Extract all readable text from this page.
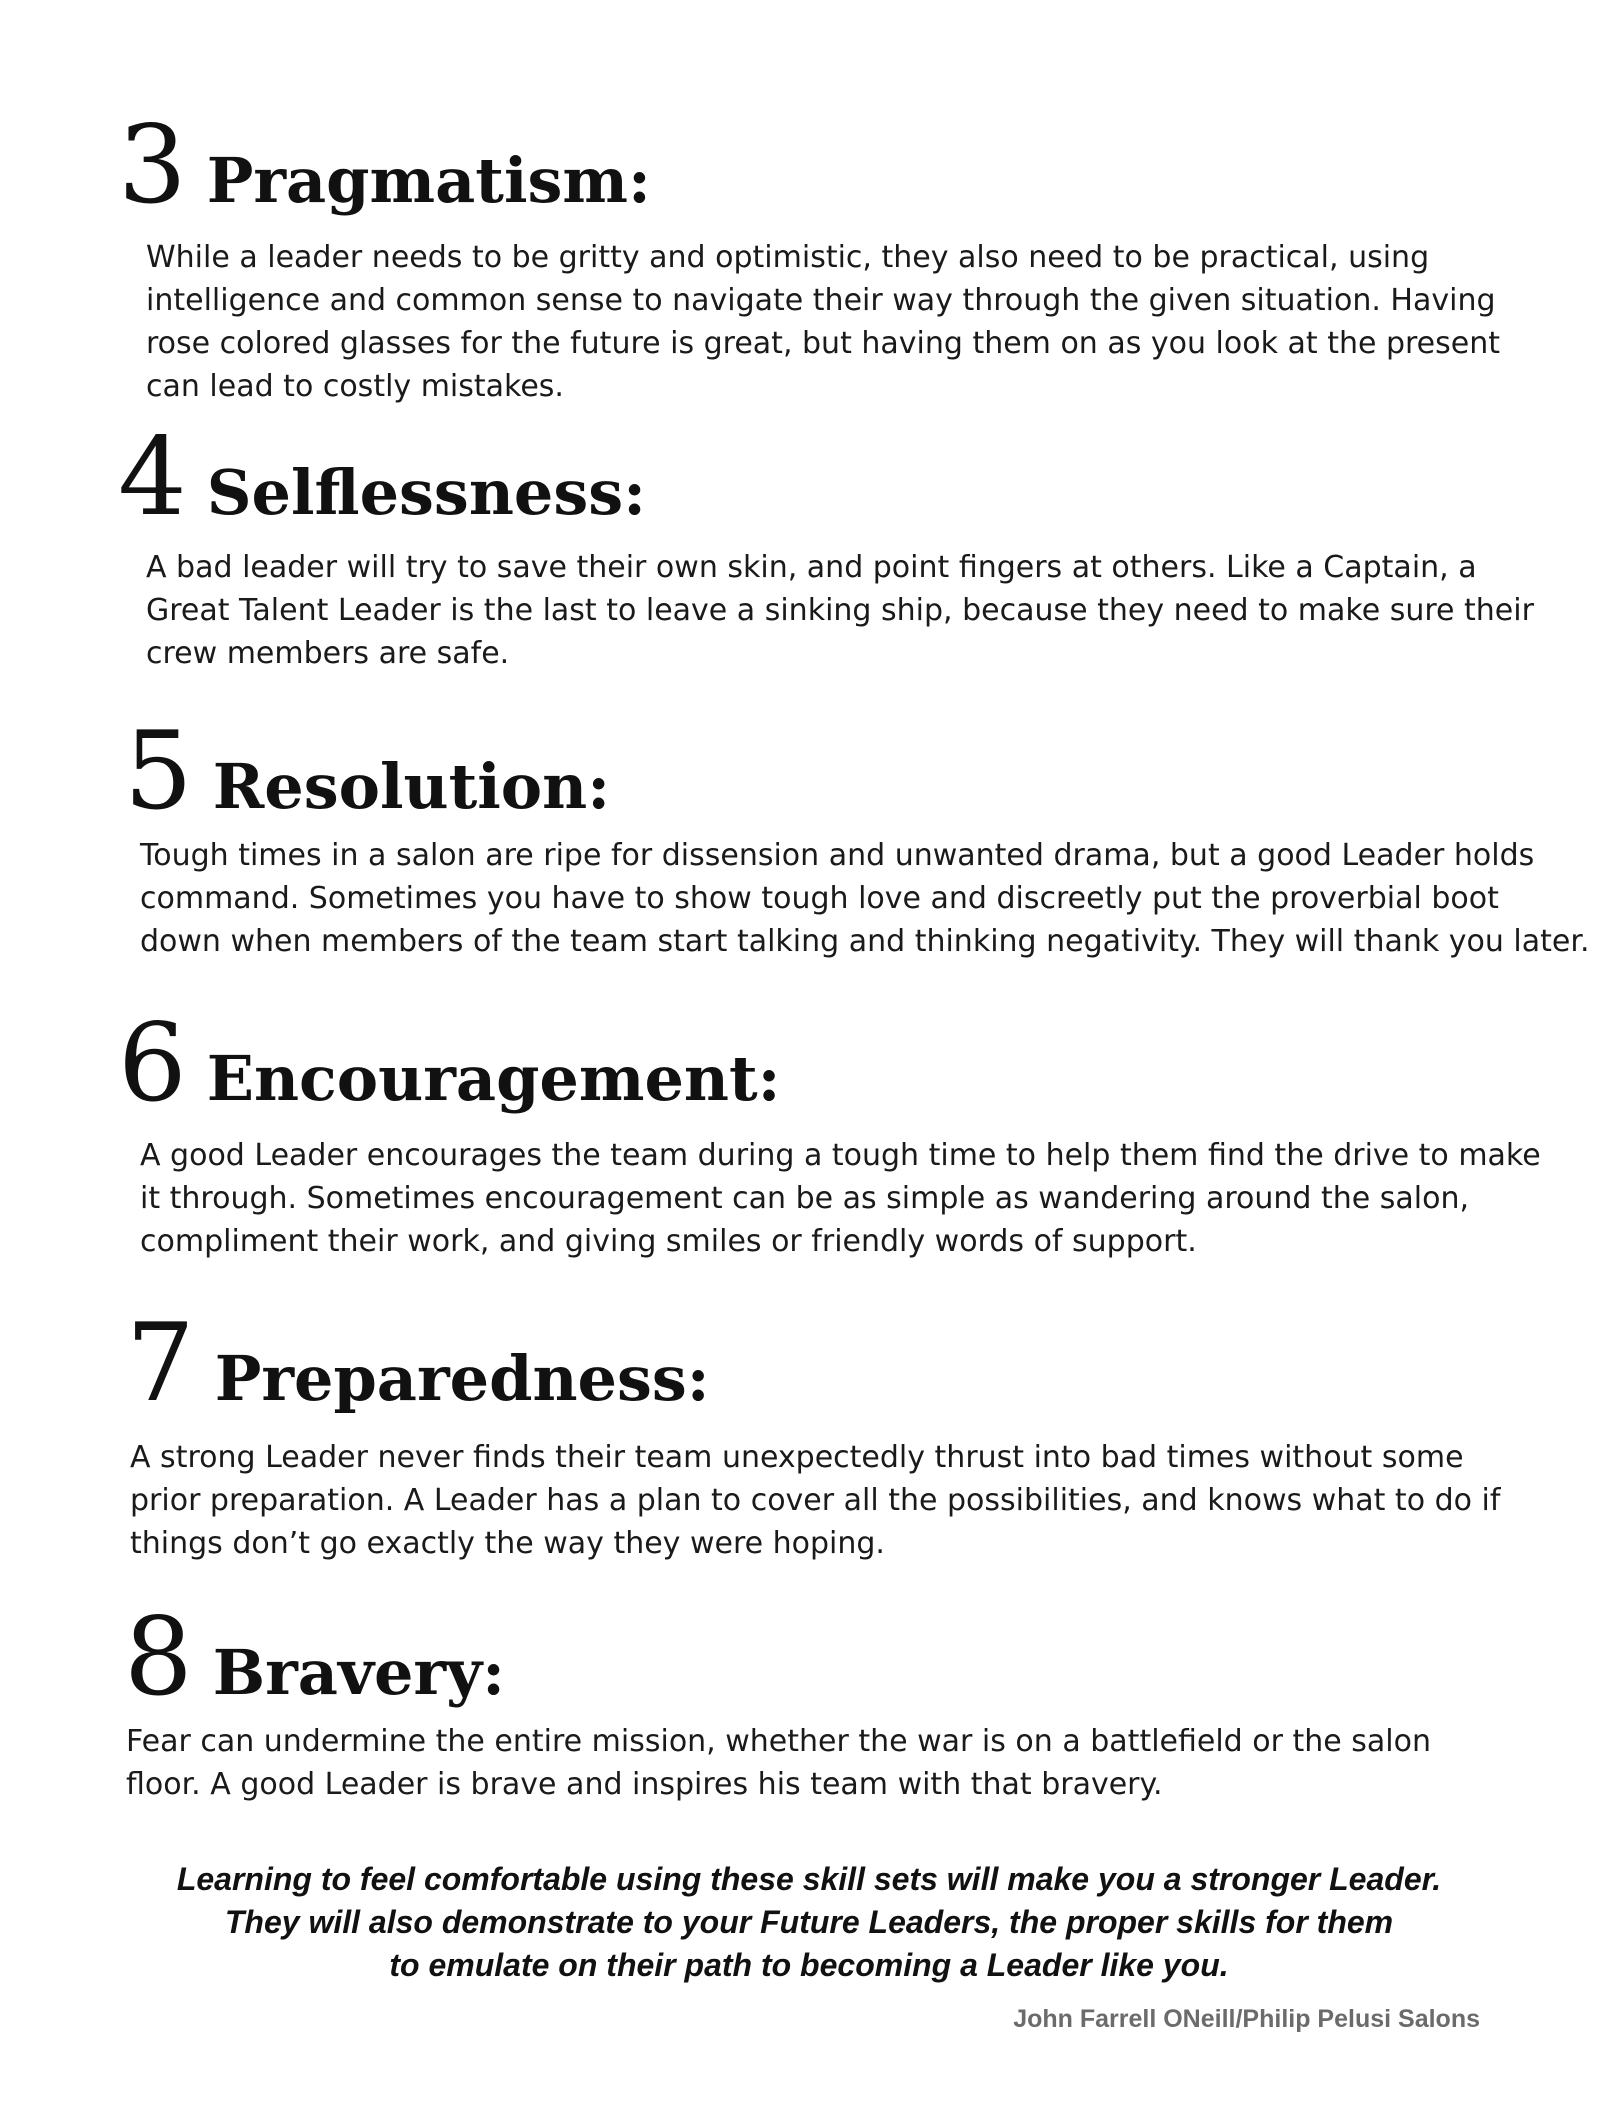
3 Pragmatism:
While a leader needs to be gritty and optimistic, they also need to be practical, using
intelligence and common sense to navigate their way through the given situation. Having
rose colored glasses for the future is great, but having them on as you look at the present
can lead to costly mistakes.
4 Selflessness:
A bad leader will try to save their own skin, and point fingers at others. Like a Captain, a
Great Talent Leader is the last to leave a sinking ship, because they need to make sure their
crew members are safe.
5 Resolution:
Tough times in a salon are ripe for dissension and unwanted drama, but a good Leader holds
command. Sometimes you have to show tough love and discreetly put the proverbial boot
down when members of the team start talking and thinking negativity. They will thank you later.
6 Encouragement:
A good Leader encourages the team during a tough time to help them find the drive to make
it through. Sometimes encouragement can be as simple as wandering around the salon,
compliment their work, and giving smiles or friendly words of support.
7 Preparedness:
A strong Leader never finds their team unexpectedly thrust into bad times without some
prior preparation. A Leader has a plan to cover all the possibilities, and knows what to do if
things don’t go exactly the way they were hoping.
8 Bravery:
Fear can undermine the entire mission, whether the war is on a battlefield or the salon
floor. A good Leader is brave and inspires his team with that bravery.
Learning to feel comfortable using these skill sets will make you a stronger Leader.
They will also demonstrate to your Future Leaders, the proper skills for them
to emulate on their path to becoming a Leader like you.
John Farrell ONeill/Philip Pelusi Salons
